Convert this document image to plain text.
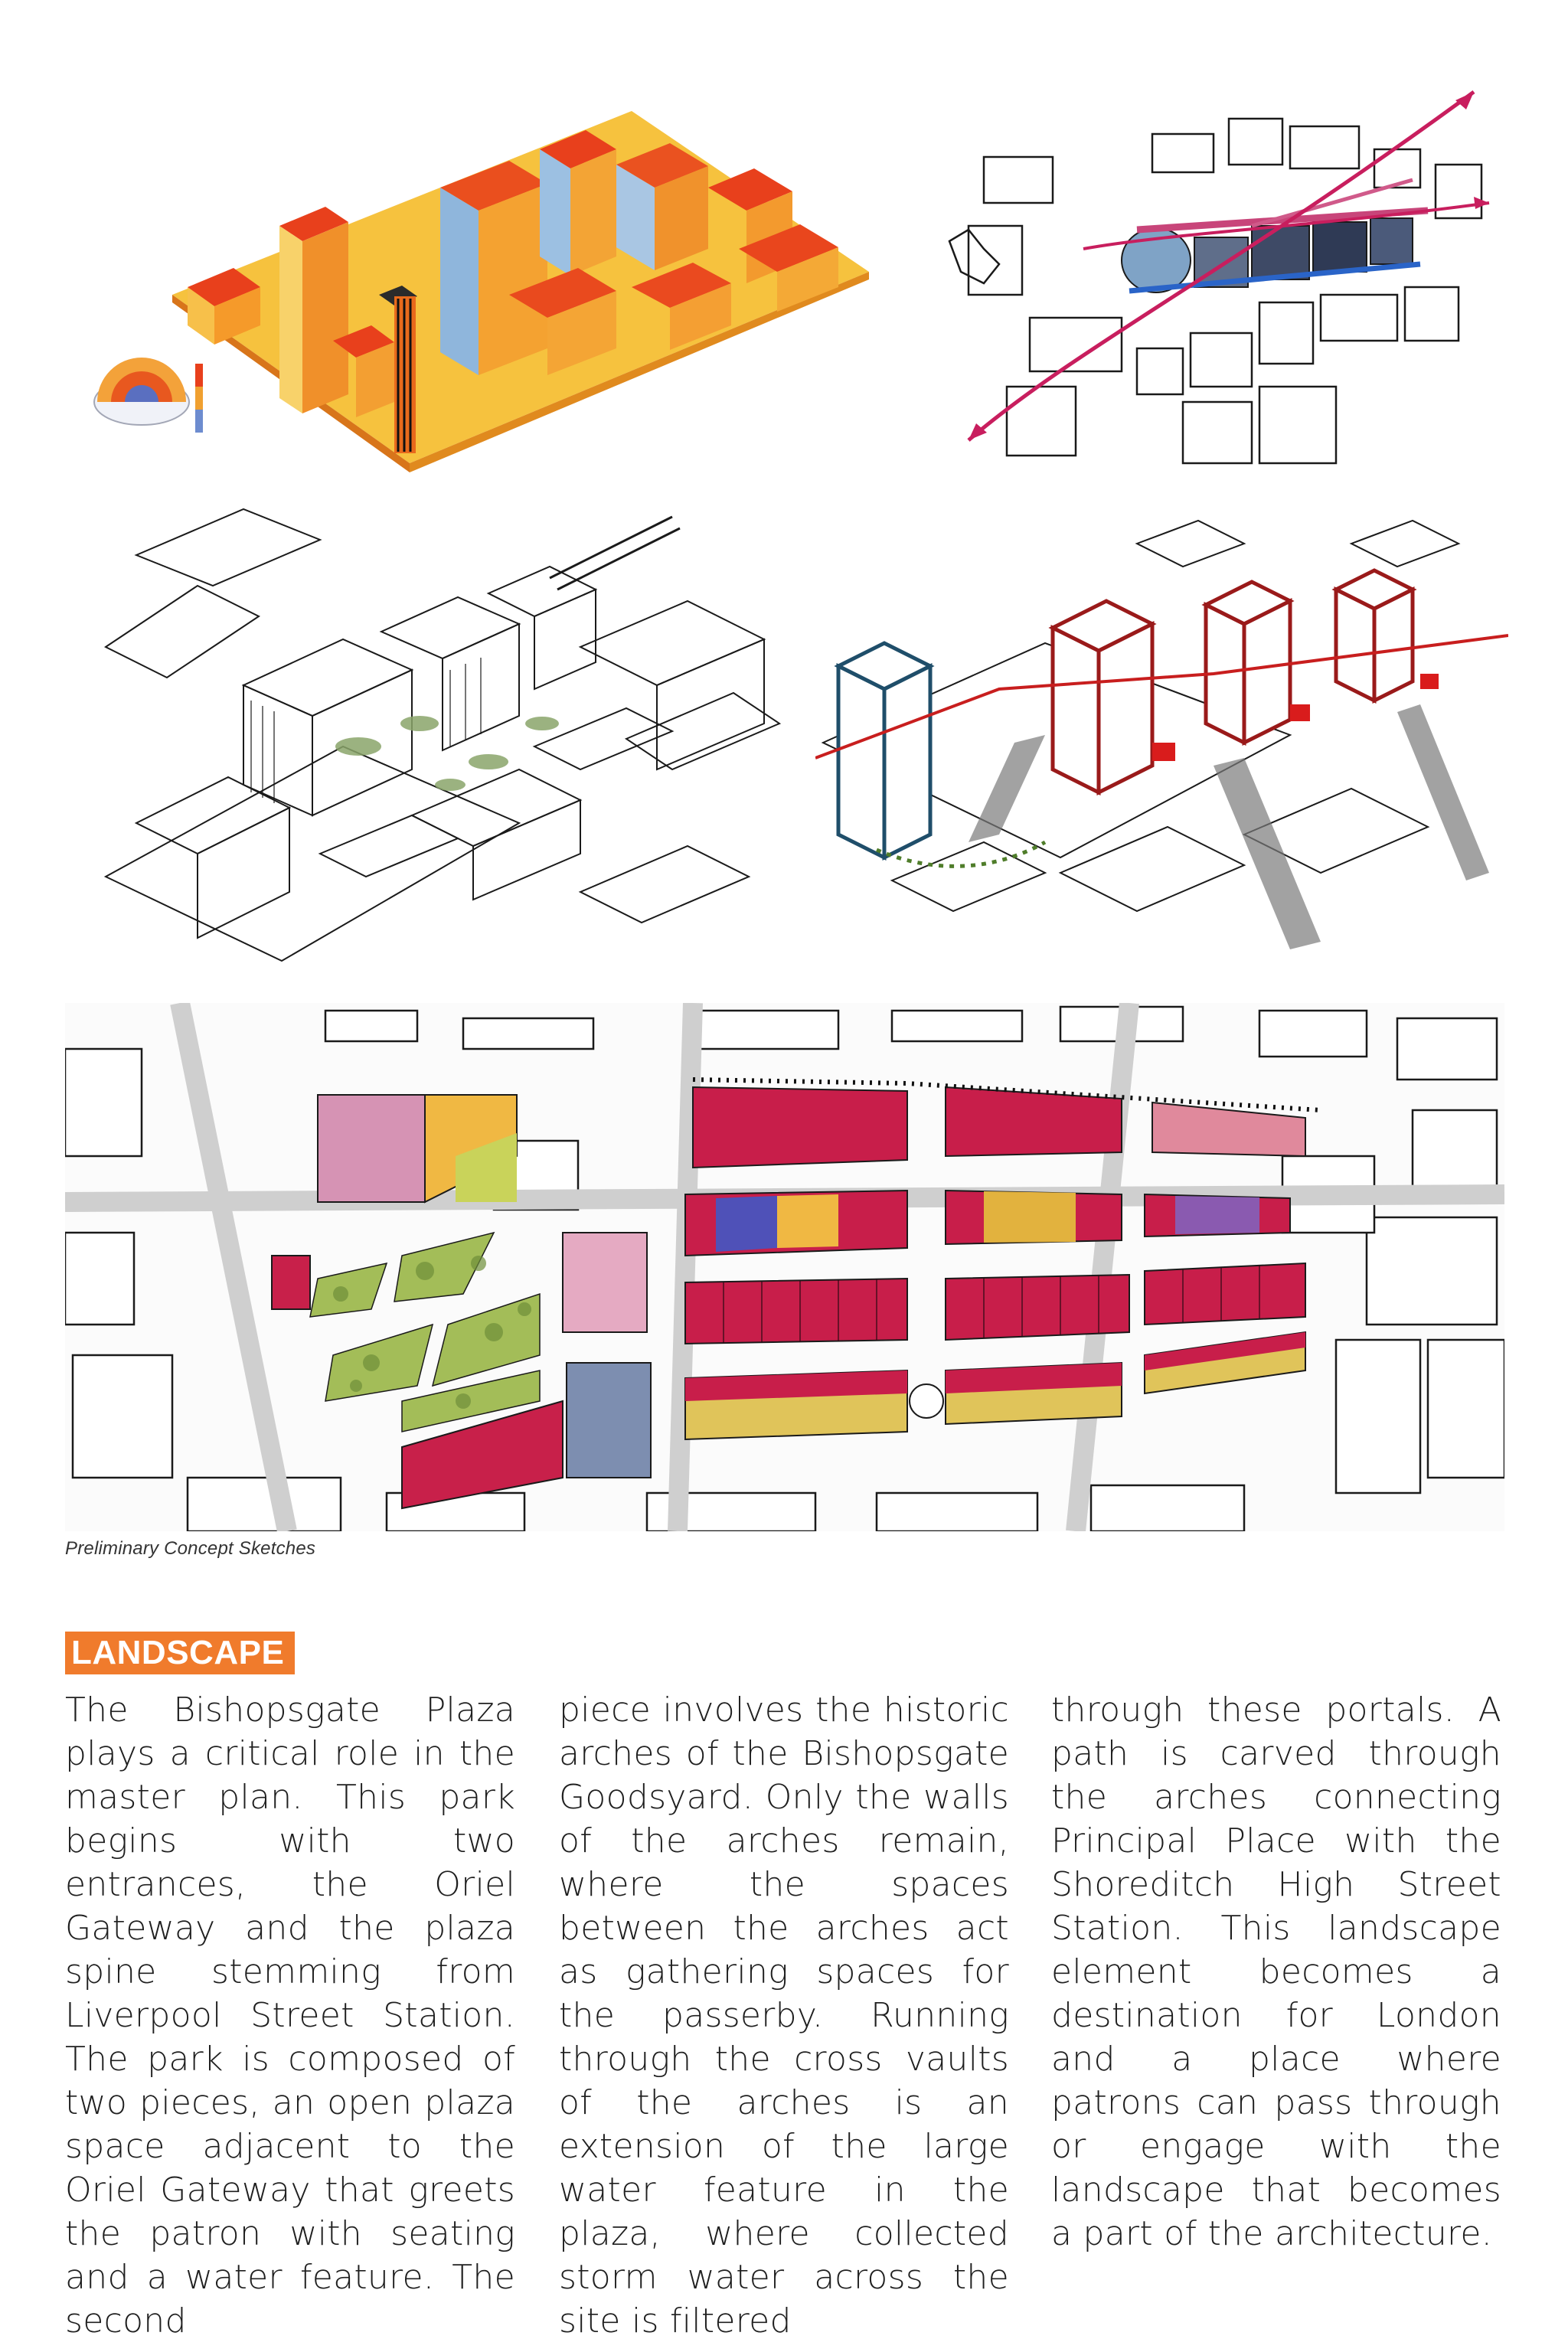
Preliminary Concept Sketches
LANDSCAPE

The Bishopsgate Plaza plays a critical role in the master plan. This park begins with two entrances, the Oriel Gateway and the plaza spine stemming from Liverpool Street Station. The park is composed of two pieces, an open plaza space adjacent to the Oriel Gateway that greets the patron with seating and a water feature. The second

piece involves the historic arches of the Bishopsgate Goodsyard. Only the walls of the arches remain, where the spaces between the arches act as gathering spaces for the passerby. Running through the cross vaults of the arches is an extension of the large water feature in the plaza, where collected storm water across the site is filtered

through these portals. A path is carved through the arches connecting Principal Place with the Shoreditch High Street Station. This landscape element becomes a destination for London and a place where patrons can pass through or engage with the landscape that becomes a part of the architecture.
